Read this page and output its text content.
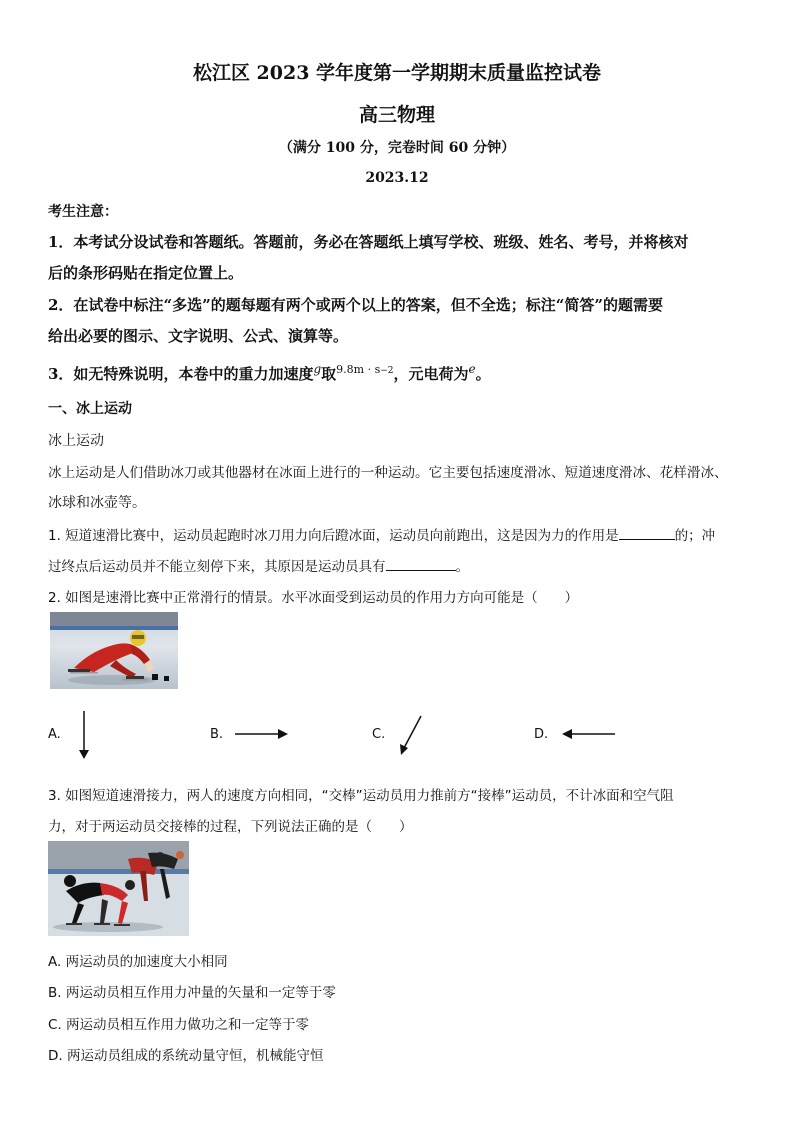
松江区 2023 学年度第一学期期末质量监控试卷
高三物理
（满分 100 分，完卷时间 60 分钟）
2023.12
考生注意：
1．本考试分设试卷和答题纸。答题前，务必在答题纸上填写学校、班级、姓名、考号，并将核对
后的条形码贴在指定位置上。
2．在试卷中标注“多选”的题每题有两个或两个以上的答案，但不全选；标注“简答”的题需要
给出必要的图示、文字说明、公式、演算等。
3．如无特殊说明，本卷中的重力加速度$^g$取$^{9.8m \cdot s-2}$，元电荷为$^e$。
一、冰上运动
冰上运动
冰上运动是人们借助冰刀或其他器材在冰面上进行的一种运动。它主要包括速度滑冰、短道速度滑冰、花样滑冰、
冰球和冰壶等。
1. 短道速滑比赛中，运动员起跑时冰刀用力向后蹬冰面，运动员向前跑出，这是因为力的作用是	的；冲
过终点后运动员并不能立刻停下来，其原因是运动员具有	。
2. 如图是速滑比赛中正常滑行的情景。水平冰面受到运动员的作用力方向可能是（　　）
A.	B.	C.	D.
3. 如图短道速滑接力，两人的速度方向相同，“交棒”运动员用力推前方“接棒”运动员，不计冰面和空气阻
力，对于两运动员交接棒的过程，下列说法正确的是（　　）
A. 两运动员的加速度大小相同
B. 两运动员相互作用力冲量的矢量和一定等于零
C. 两运动员相互作用力做功之和一定等于零
D. 两运动员组成的系统动量守恒，机械能守恒
